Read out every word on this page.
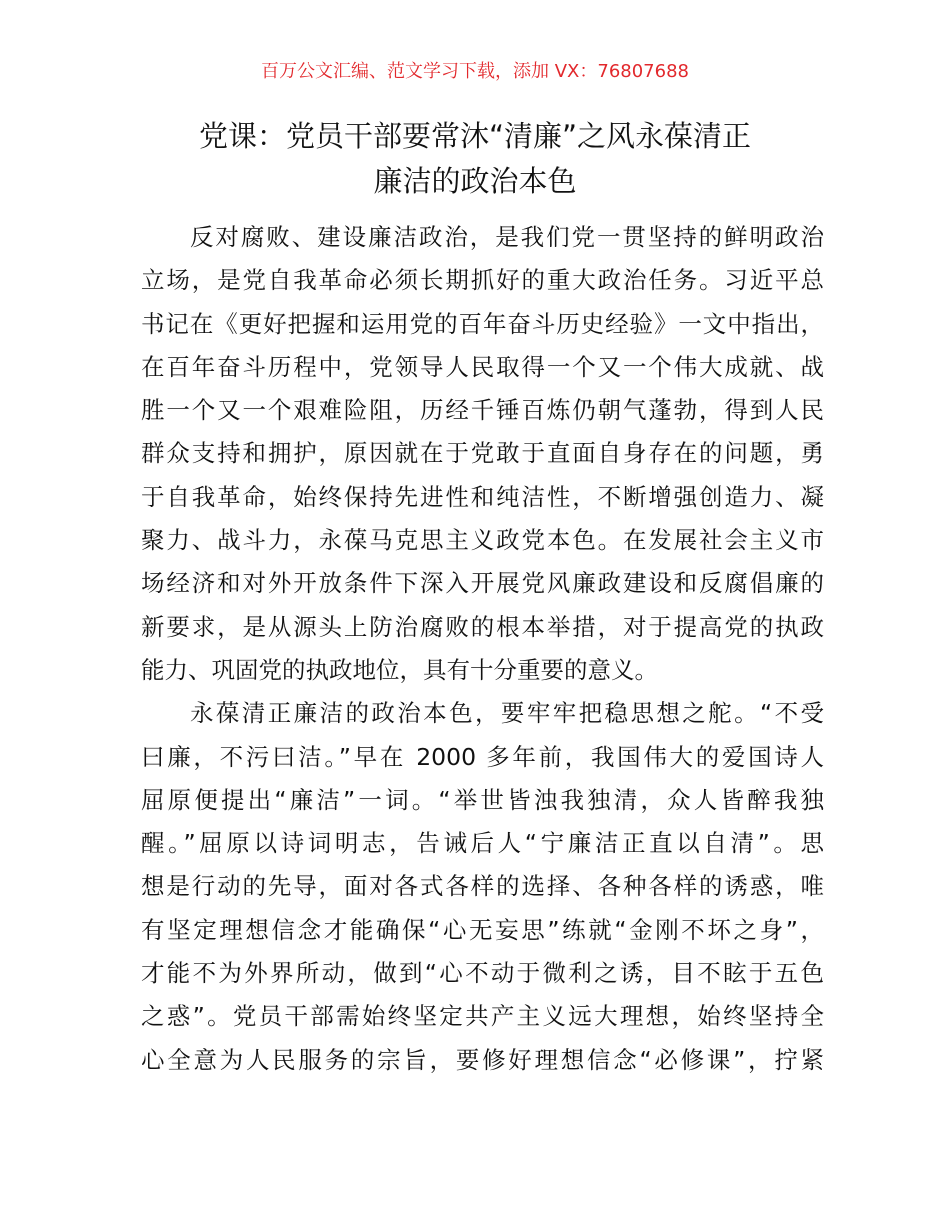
百万公文汇编、范文学习下载，添加 VX：76807688
党课：党员干部要常沐“清廉”之风永葆清正
廉洁的政治本色
反对腐败、建设廉洁政治，是我们党一贯坚持的鲜明政治
立场，是党自我革命必须长期抓好的重大政治任务。习近平总
书记在《更好把握和运用党的百年奋斗历史经验》一文中指出，
在百年奋斗历程中，党领导人民取得一个又一个伟大成就、战
胜一个又一个艰难险阻，历经千锤百炼仍朝气蓬勃，得到人民
群众支持和拥护，原因就在于党敢于直面自身存在的问题，勇
于自我革命，始终保持先进性和纯洁性，不断增强创造力、凝
聚力、战斗力，永葆马克思主义政党本色。在发展社会主义市
场经济和对外开放条件下深入开展党风廉政建设和反腐倡廉的
新要求，是从源头上防治腐败的根本举措，对于提高党的执政
能力、巩固党的执政地位，具有十分重要的意义。
永葆清正廉洁的政治本色，要牢牢把稳思想之舵。“不受
曰廉，不污曰洁。”早在 2000 多年前，我国伟大的爱国诗人
屈原便提出“廉洁”一词。“举世皆浊我独清，众人皆醉我独
醒。”屈原以诗词明志，告诫后人“宁廉洁正直以自清”。思
想是行动的先导，面对各式各样的选择、各种各样的诱惑，唯
有坚定理想信念才能确保“心无妄思”练就“金刚不坏之身”，
才能不为外界所动，做到“心不动于微利之诱，目不眩于五色
之惑”。党员干部需始终坚定共产主义远大理想，始终坚持全
心全意为人民服务的宗旨，要修好理想信念“必修课”，拧紧
